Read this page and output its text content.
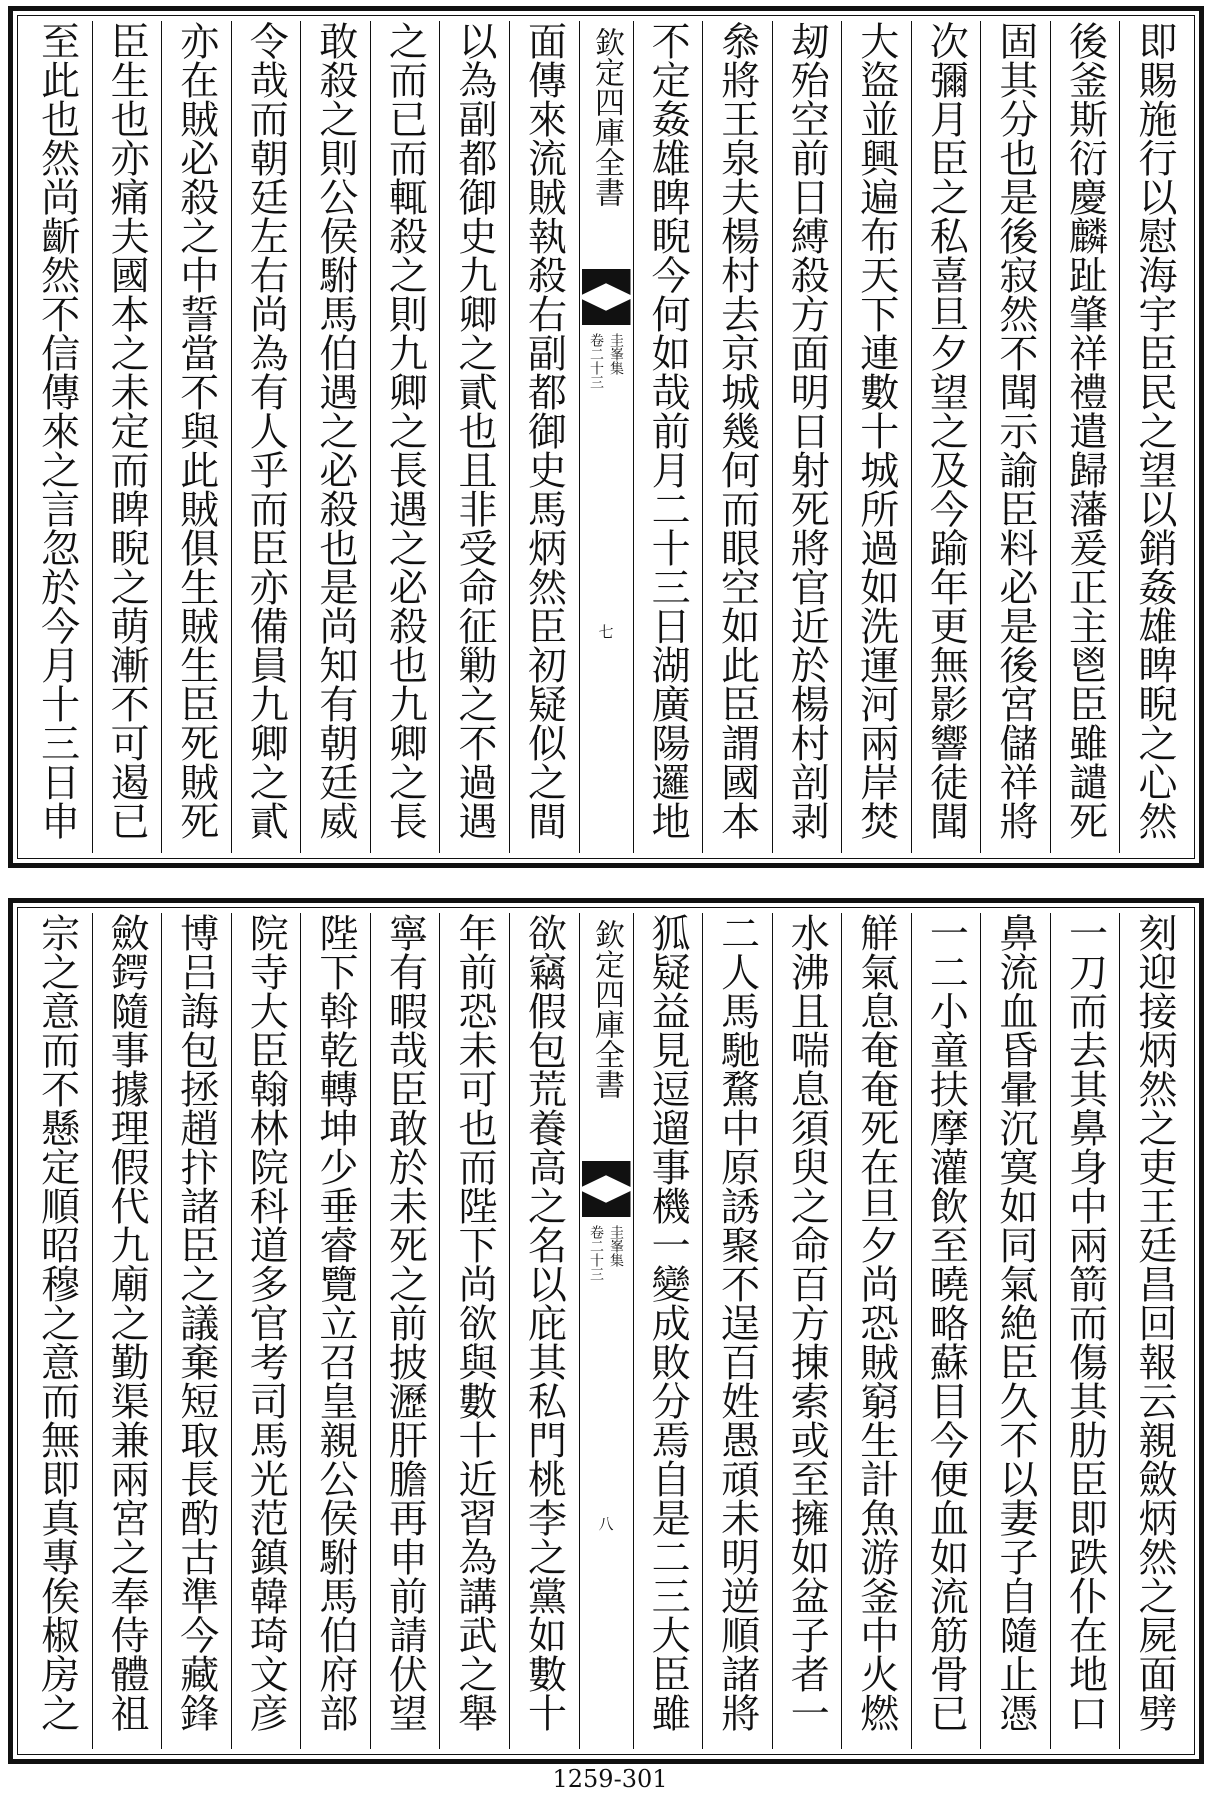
即賜施行以慰海宇臣民之望以銷姦雄睥睨之心然
後釜斯衍慶麟趾肇祥禮遣歸藩爰正主鬯臣雖譴死
固其分也是後寂然不聞示諭臣料必是後宮儲祥將
次彌月臣之私喜旦夕望之及今踰年更無影響徒聞
大盜並興遍布天下連數十城所過如洗運河兩岸焚
刼殆空前日縛殺方面明日射死將官近於楊村剖剥
叅將王泉夫楊村去京城幾何而眼空如此臣謂國本
不定姦雄睥睨今何如哉前月二十三日湖廣陽邏地
欽定四庫全書
圭峯集
卷二十三
七
面傳來流賊執殺右副都御史馬炳然臣初疑似之間
以為副都御史九卿之貳也且非受命征勦之不過遇
之而已而輒殺之則九卿之長遇之必殺也九卿之長
敢殺之則公侯駙馬伯遇之必殺也是尚知有朝廷威
令哉而朝廷左右尚為有人乎而臣亦備員九卿之貳
亦在賊必殺之中誓當不與此賊俱生賊生臣死賊死
臣生也亦痛夫國本之未定而睥睨之萌漸不可遏已
至此也然尚齗然不信傳來之言忽於今月十三日申
刻迎接炳然之吏王廷昌回報云親斂炳然之屍面劈
一刀而去其鼻身中兩箭而傷其肋臣即跌仆在地口
鼻流血昏暈沉寞如同氣絶臣久不以妻子自隨止憑
一二小童扶摩灌飲至曉略蘇目今便血如流筋骨已
觧氣息奄奄死在旦夕尚恐賊窮生計魚游釜中火燃
水沸且喘息須臾之命百方㨂索或至擁如盆子者一
二人馬馳騖中原誘聚不逞百姓愚頑未明逆順諸將
狐疑益見逗遛事機一變成敗分焉自是二三大臣雖
欽定四庫全書
圭峯集
卷二十三
八
欲竊假包荒養高之名以庇其私門桃李之黨如數十
年前恐未可也而陛下尚欲與數十近習為講武之舉
寧有暇哉臣敢於未死之前披瀝肝膽再申前請伏望
陛下斡乾轉坤少垂睿覽立召皇親公侯駙馬伯府部
院寺大臣翰林院科道多官考司馬光范鎮韓琦文彦
博吕誨包拯趙抃諸臣之議棄短取長酌古準今藏鋒
斂鍔隨事據理假代九廟之勤渠兼兩宮之奉侍體祖
宗之意而不懸定順昭穆之意而無即真專俟椒房之
1259-301
